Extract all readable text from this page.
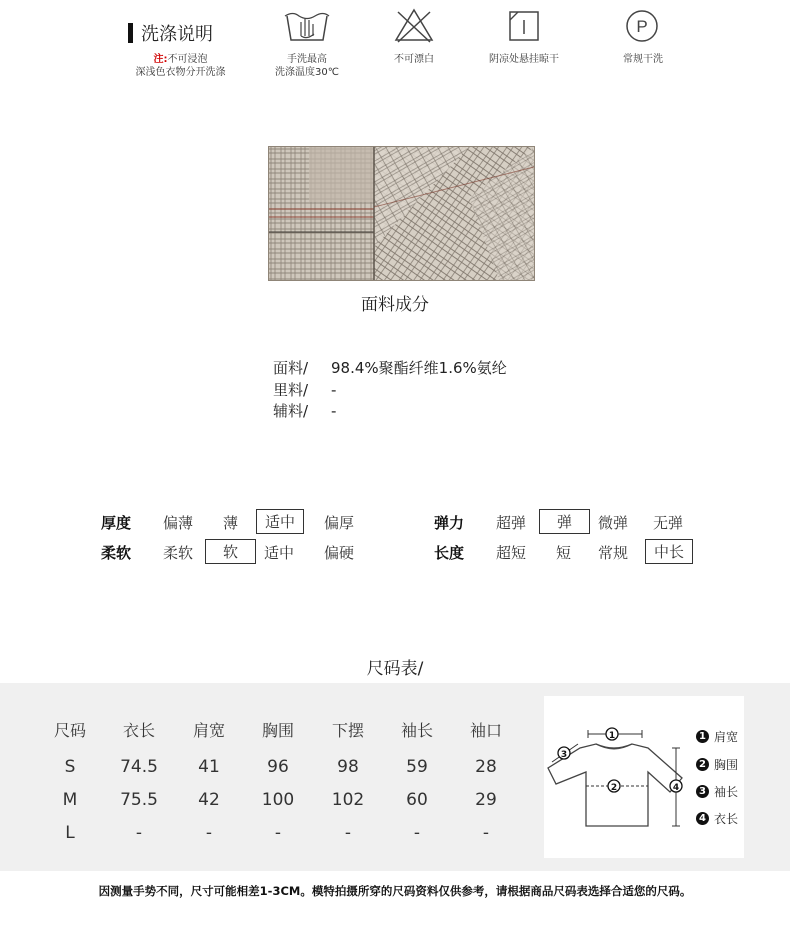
洗涤说明
注:不可浸泡
深浅色衣物分开洗涤
手洗最高
洗涤温度30℃
不可漂白	阴凉处悬挂晾干
P
常规干洗
面料成分
面料/ 98.4%聚酯纤维1.6%氨纶
里料/ -
辅料/ -
厚度 偏薄 薄	适中	偏厚
柔软 柔软	软	适中 偏硬
弹力 超弹	弹	微弹 无弹
长度 超短 短 常规	中长
尺码表/
尺码	衣长	肩宽	胸围	下摆	袖长	袖口
S	74.5	41	96	98	59	28
M	75.5	42	100	102	60	29
L	-	-	-	-	-	-
1
2
3
4
1 肩宽
2 胸围
3 袖长
4 衣长
因测量手势不同，尺寸可能相差1-3CM。模特拍摄所穿的尺码资料仅供参考，请根据商品尺码表选择合适您的尺码。
